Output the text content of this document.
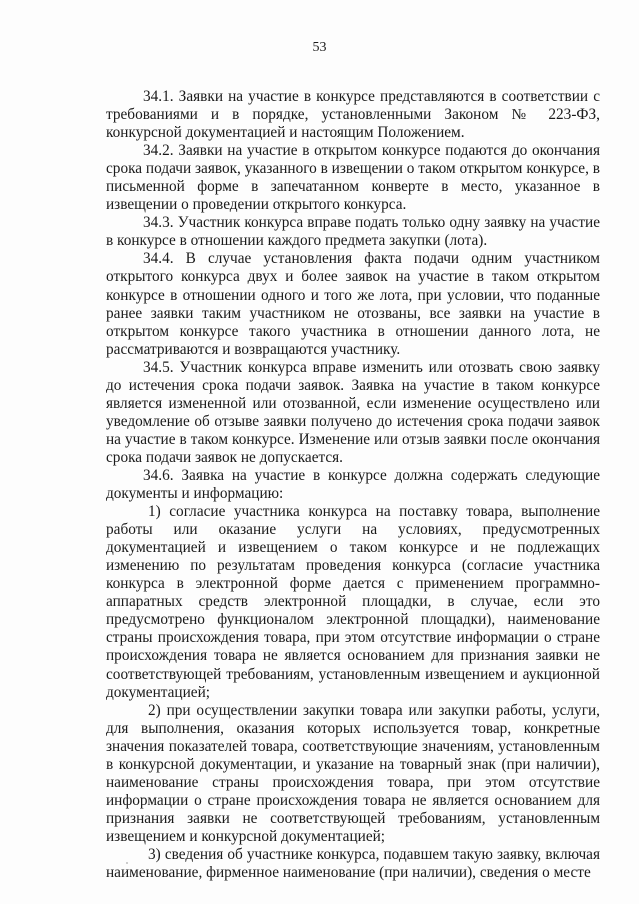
53

34.1. Заявки на участие в конкурсе представляются в соответствии с требованиями и в порядке, установленными Законом № 223-ФЗ, конкурсной документацией и настоящим Положением.

34.2. Заявки на участие в открытом конкурсе подаются до окончания срока подачи заявок, указанного в извещении о таком открытом конкурсе, в письменной форме в запечатанном конверте в место, указанное в извещении о проведении открытого конкурса.

34.3. Участник конкурса вправе подать только одну заявку на участие в конкурсе в отношении каждого предмета закупки (лота).

34.4. В случае установления факта подачи одним участником открытого конкурса двух и более заявок на участие в таком открытом конкурсе в отношении одного и того же лота, при условии, что поданные ранее заявки таким участником не отозваны, все заявки на участие в открытом конкурсе такого участника в отношении данного лота, не рассматриваются и возвращаются участнику.

34.5. Участник конкурса вправе изменить или отозвать свою заявку до истечения срока подачи заявок. Заявка на участие в таком конкурсе является измененной или отозванной, если изменение осуществлено или уведомление об отзыве заявки получено до истечения срока подачи заявок на участие в таком конкурсе. Изменение или отзыв заявки после окончания срока подачи заявок не допускается.

34.6. Заявка на участие в конкурсе должна содержать следующие документы и информацию:

1) согласие участника конкурса на поставку товара, выполнение работы или оказание услуги на условиях, предусмотренных документацией и извещением о таком конкурсе и не подлежащих изменению по результатам проведения конкурса (согласие участника конкурса в электронной форме дается с применением программно-аппаратных средств электронной площадки, в случае, если это предусмотрено функционалом электронной площадки), наименование страны происхождения товара, при этом отсутствие информации о стране происхождения товара не является основанием для признания заявки не соответствующей требованиям, установленным извещением и аукционной документацией;

2) при осуществлении закупки товара или закупки работы, услуги, для выполнения, оказания которых используется товар, конкретные значения показателей товара, соответствующие значениям, установленным в конкурсной документации, и указание на товарный знак (при наличии), наименование страны происхождения товара, при этом отсутствие информации о стране происхождения товара не является основанием для признания заявки не соответствующей требованиям, установленным извещением и конкурсной документацией;

3) сведения об участнике конкурса, подавшем такую заявку, включая наименование, фирменное наименование (при наличии), сведения о месте
